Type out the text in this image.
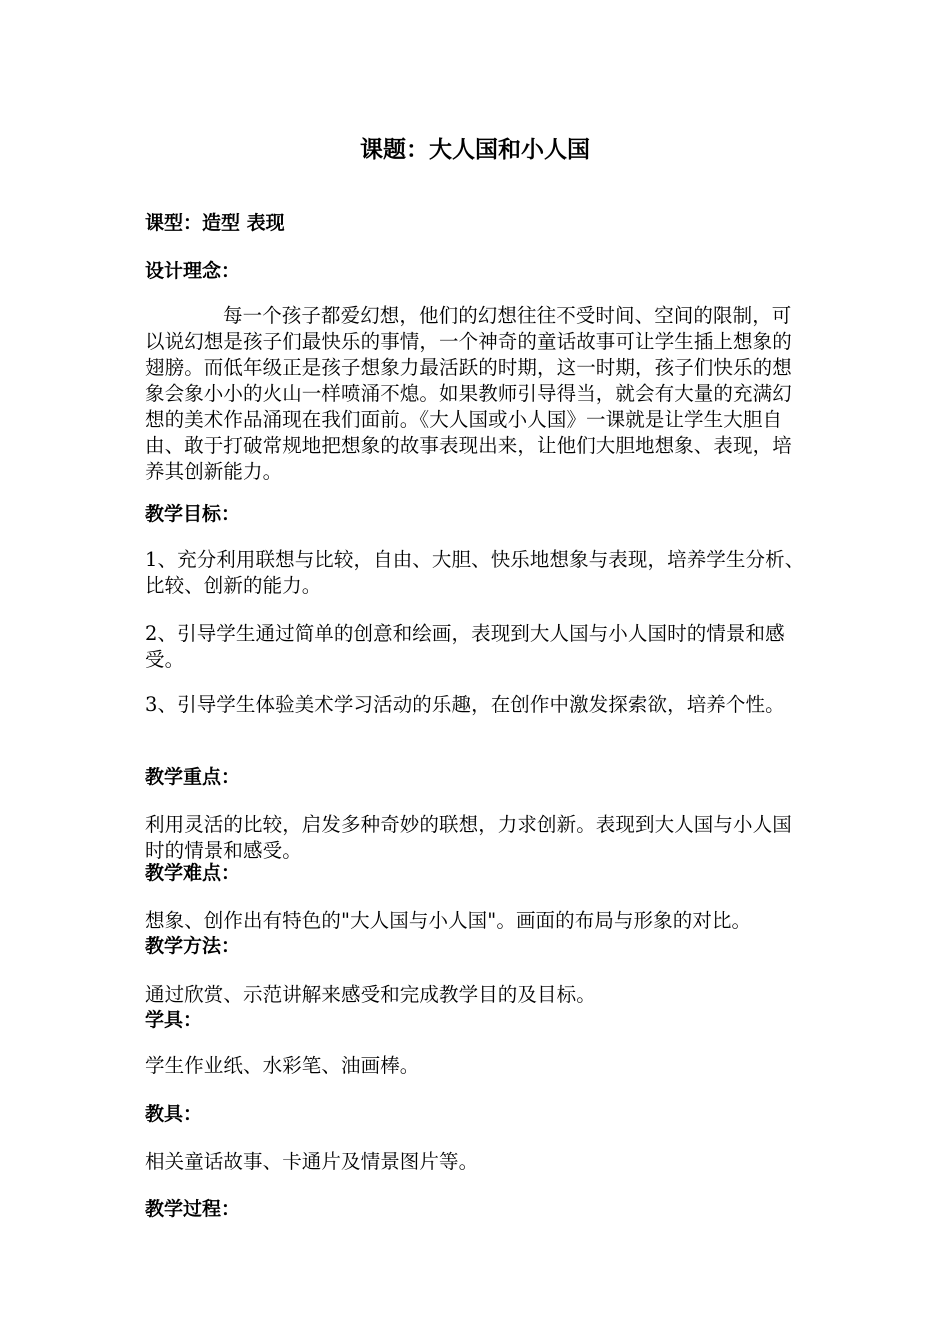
课题：大人国和小人国
课型：造型 表现
设计理念：
每一个孩子都爱幻想，他们的幻想往往不受时间、空间的限制，可以说幻想是孩子们最快乐的事情，一个神奇的童话故事可让学生插上想象的翅膀。而低年级正是孩子想象力最活跃的时期，这一时期，孩子们快乐的想象会象小小的火山一样喷涌不熄。如果教师引导得当，就会有大量的充满幻想的美术作品涌现在我们面前。《大人国或小人国》一课就是让学生大胆自由、敢于打破常规地把想象的故事表现出来，让他们大胆地想象、表现，培养其创新能力。
教学目标：
1、充分利用联想与比较，自由、大胆、快乐地想象与表现，培养学生分析、比较、创新的能力。
2、引导学生通过简单的创意和绘画，表现到大人国与小人国时的情景和感受。
3、引导学生体验美术学习活动的乐趣，在创作中激发探索欲，培养个性。
教学重点：
利用灵活的比较，启发多种奇妙的联想，力求创新。表现到大人国与小人国时的情景和感受。
教学难点：
想象、创作出有特色的"大人国与小人国"。画面的布局与形象的对比。
教学方法：
通过欣赏、示范讲解来感受和完成教学目的及目标。
学具：
学生作业纸、水彩笔、油画棒。
教具：
相关童话故事、卡通片及情景图片等。
教学过程：
